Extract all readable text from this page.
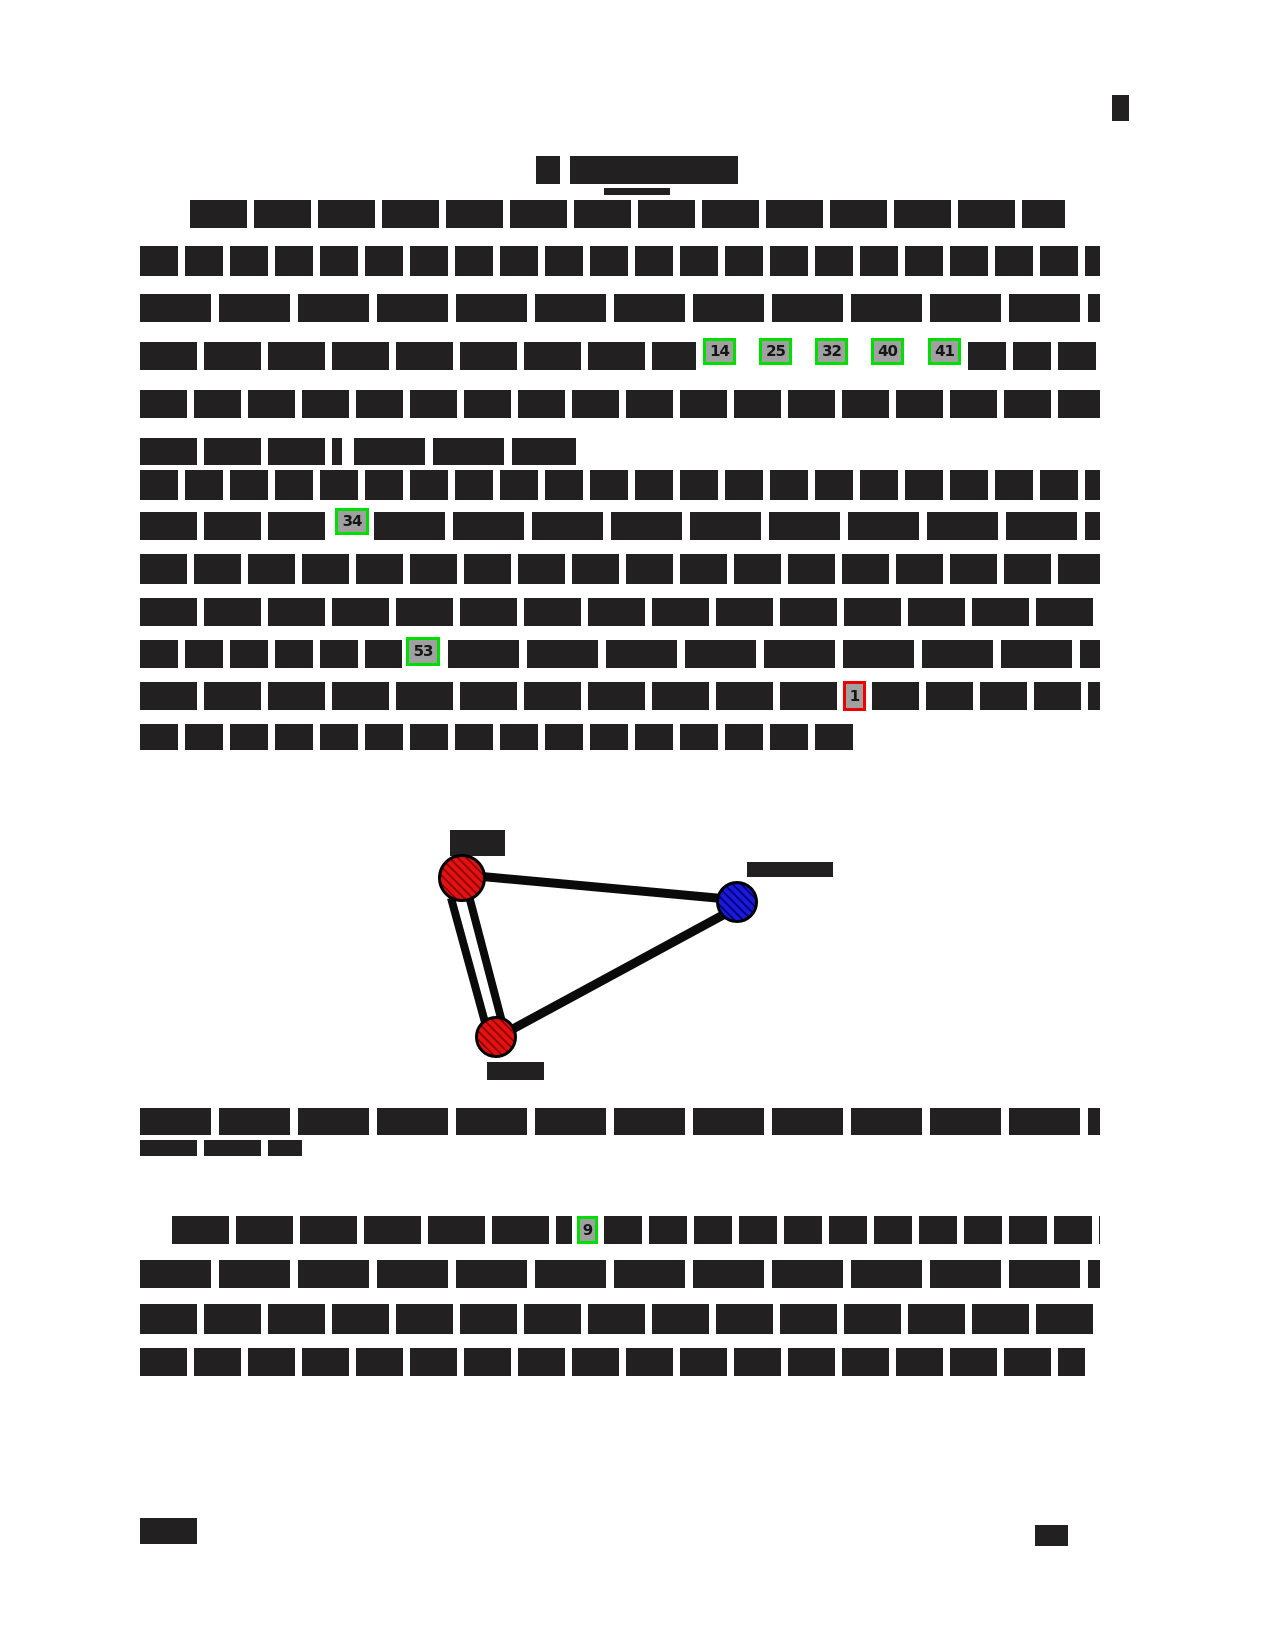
14	25	32	40	41
34
53
1
9
